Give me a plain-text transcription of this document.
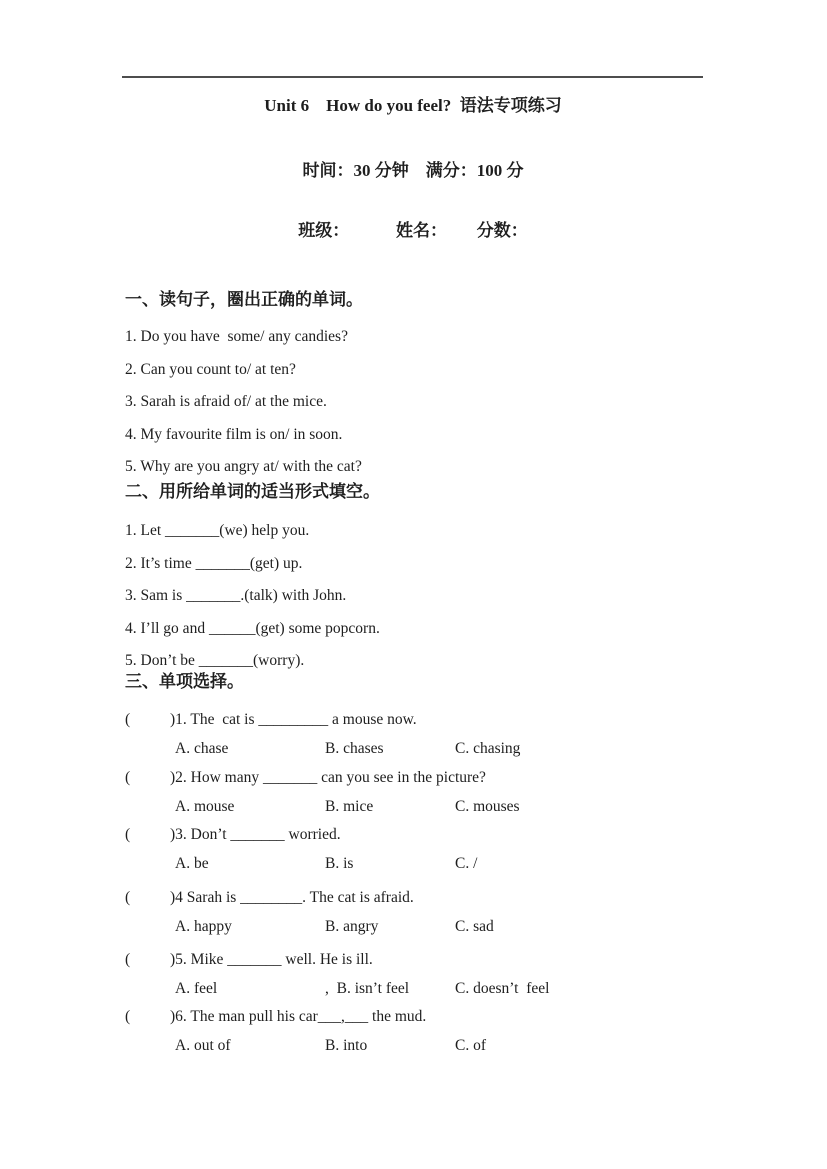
Unit 6    How do you feel?  语法专项练习
时间：30 分钟　满分：100 分
班级：　　　 姓名：　　 分数：
一、读句子，圈出正确的单词。

1. Do you have  some/ any candies?

2. Can you count to/ at ten?

3. Sarah is afraid of/ at the mice.

4. My favourite film is on/ in soon.

5. Why are you angry at/ with the cat?

二、用所给单词的适当形式填空。

1. Let _______(we) help you.

2. It’s time _______(get) up.

3. Sam is _______.(talk) with John.

4. I’ll go and ______(get) some popcorn.

5. Don’t be _______(worry).

三、单项选择。
(	)1. The  cat is _________ a mouse now.
A. chase	B. chases	C. chasing
(	)2. How many _______ can you see in the picture?
A. mouse	B. mice	C. mouses
(	)3. Don’t _______ worried.
A. be	B. is	C. /
(	)4 Sarah is ________. The cat is afraid.
A. happy	B. angry	C. sad
(	)5. Mike _______ well. He is ill.
A. feel	,  B. isn’t feel	C. doesn’t  feel
(	)6. The man pull his car___,___ the mud.
A. out of	B. into	C. of
